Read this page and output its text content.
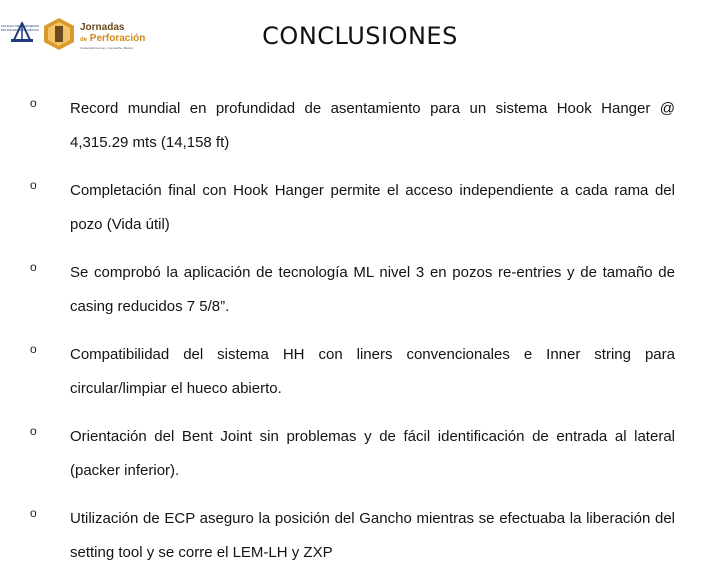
COLEGIO DE INGENIEROS PETROLEROS DE MÉXICO	Jornadas
de Perforación
Ciudad del Carmen, Campeche, México	CONCLUSIONES
o Record mundial en profundidad de asentamiento para un sistema Hook Hanger @ 4,315.29 mts (14,158 ft)
o Completación final con Hook Hanger permite el acceso independiente a cada rama del pozo (Vida útil)
o Se comprobó la aplicación de tecnología ML nivel 3 en pozos re-entries y de tamaño de casing reducidos 7 5/8”.
o Compatibilidad del sistema HH con liners convencionales e Inner string para circular/limpiar el hueco abierto.
o Orientación del Bent Joint sin problemas y de fácil identificación de entrada al lateral (packer inferior).
o Utilización de ECP aseguro la posición del Gancho mientras se efectuaba la liberación del setting tool y se corre el LEM-LH y ZXP
